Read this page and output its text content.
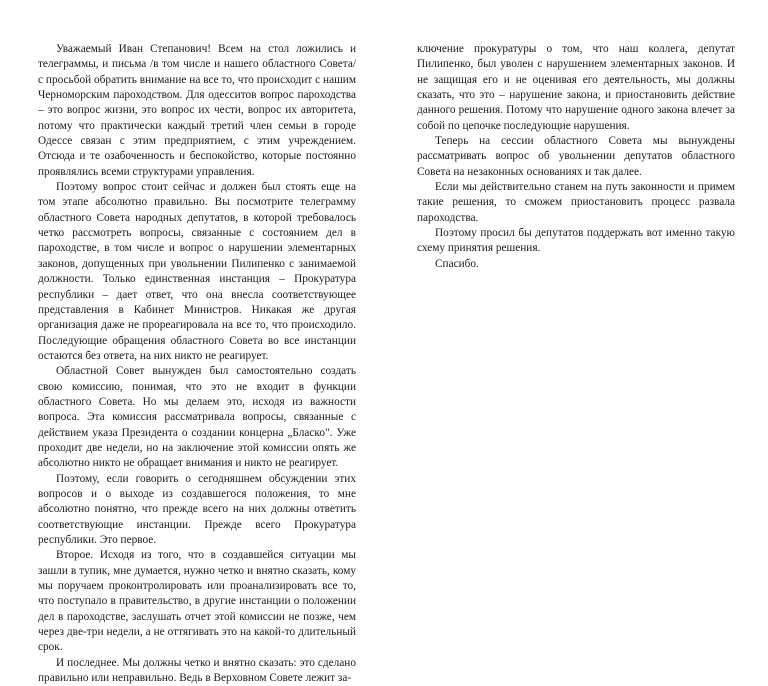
Уважаемый Иван Степанович! Всем на стол ложились и телеграммы, и письма /в том числе и нашего областного Совета/ с просьбой обратить внимание на все то, что происходит с нашим Черноморским пароходством. Для одесситов вопрос пароходства – это вопрос жизни, это вопрос их чести, вопрос их авторитета, потому что практически каждый третий член семьи в городе Одессе связан с этим предприятием, с этим учреждением. Отсюда и те озабоченность и беспокойство, которые постоянно проявлялись всеми структурами управления.

Поэтому вопрос стоит сейчас и должен был стоять еще на том этапе абсолютно правильно. Вы посмотрите телеграмму областного Совета народных депутатов, в которой требовалось четко рассмотреть вопросы, связанные с состоянием дел в пароходстве, в том числе и вопрос о нарушении элементарных законов, допущенных при увольнении Пилипенко с занимаемой должности. Только единственная инстанция – Прокуратура республики – дает ответ, что она внесла соответствующее представления в Кабинет Министров. Никакая же другая организация даже не прореагировала на все то, что происходило. Последующие обращения областного Совета во все инстанции остаются без ответа, на них никто не реагирует.

Областной Совет вынужден был самостоятельно создать свою комиссию, понимая, что это не входит в функции областного Совета. Но мы делаем это, исходя из важности вопроса. Эта комиссия рассматривала вопросы, связанные с действием указа Президента о создании концерна „Бласко". Уже проходит две недели, но на заключение этой комиссии опять же абсолютно никто не обращает внимания и никто не реагирует.

Поэтому, если говорить о сегодняшнем обсуждении этих вопросов и о выходе из создавшегося положения, то мне абсолютно понятно, что прежде всего на них должны ответить соответствующие инстанции. Прежде всего Прокуратура республики. Это первое.

Второе. Исходя из того, что в создавшейся ситуации мы зашли в тупик, мне думается, нужно четко и внятно сказать, кому мы поручаем проконтролировать или проанализировать все то, что поступало в правительство, в другие инстанции о положении дел в пароходстве, заслушать отчет этой комиссии не позже, чем через две-три недели, а не оттягивать это на какой-то длительный срок.

И последнее. Мы должны четко и внятно сказать: это сделано правильно или неправильно. Ведь в Верховном Совете лежит за-

ключение прокуратуры о том, что наш коллега, депутат Пилипенко, был уволен с нарушением элементарных законов. И не защищая его и не оценивая его деятельность, мы должны сказать, что это – нарушение закона, и приостановить действие данного решения. Потому что нарушение одного закона влечет за собой по цепочке последующие нарушения.

Теперь на сессии областного Совета мы вынуждены рассматривать вопрос об увольнении депутатов областного Совета на незаконных основаниях и так далее.

Если мы действительно станем на путь законности и примем такие решения, то сможем приостановить процесс развала пароходства.

Поэтому просил бы депутатов поддержать вот именно такую схему принятия решения.

Спасибо.
